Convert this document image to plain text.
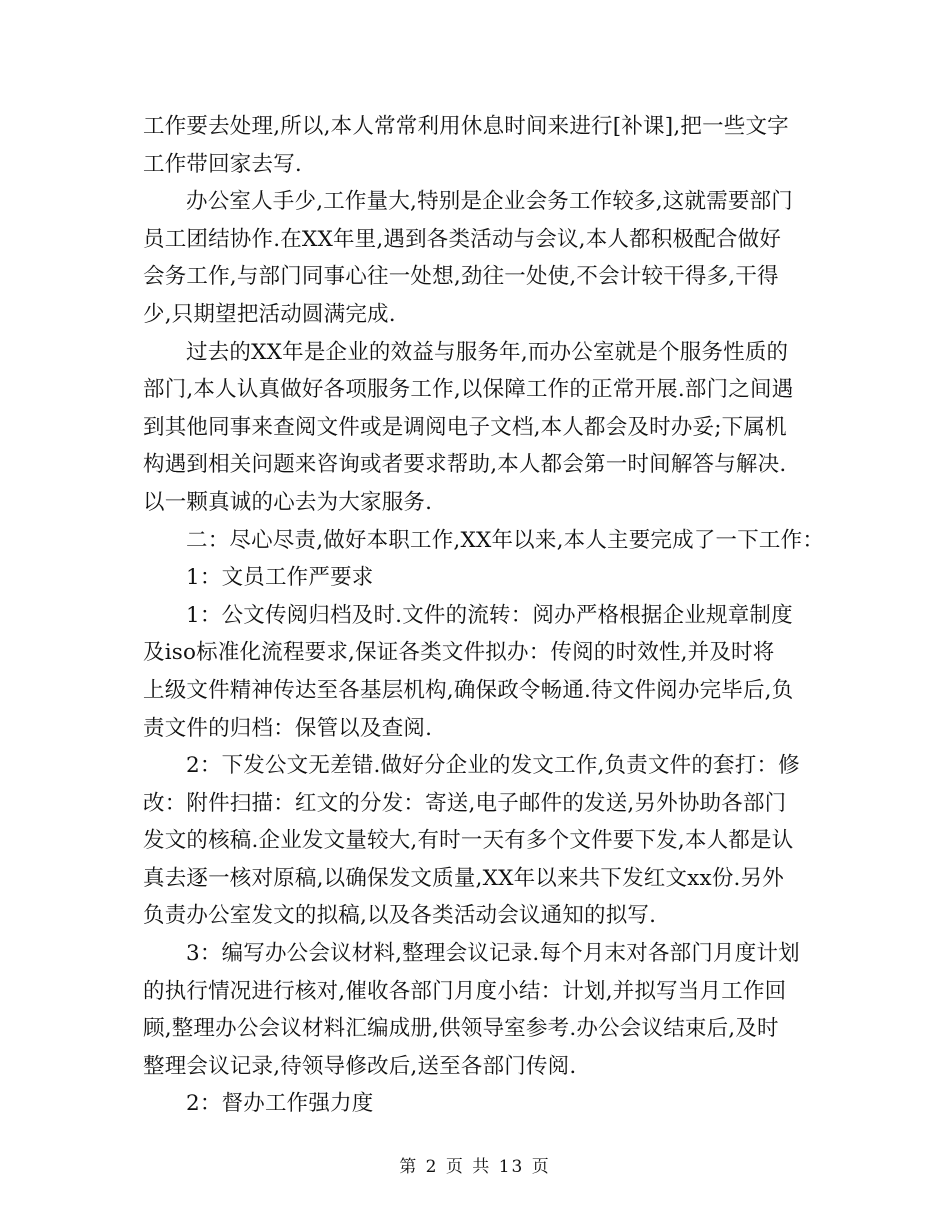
工作要去处理,所以,本人常常利用休息时间来进行[补课],把一些文字
工作带回家去写.
办公室人手少,工作量大,特别是企业会务工作较多,这就需要部门
员工团结协作.在XX年里,遇到各类活动与会议,本人都积极配合做好
会务工作,与部门同事心往一处想,劲往一处使,不会计较干得多,干得
少,只期望把活动圆满完成.
过去的XX年是企业的效益与服务年,而办公室就是个服务性质的
部门,本人认真做好各项服务工作,以保障工作的正常开展.部门之间遇
到其他同事来查阅文件或是调阅电子文档,本人都会及时办妥;下属机
构遇到相关问题来咨询或者要求帮助,本人都会第一时间解答与解决.
以一颗真诚的心去为大家服务.
二：尽心尽责,做好本职工作,XX年以来,本人主要完成了一下工作：
1：文员工作严要求
1：公文传阅归档及时.文件的流转：阅办严格根据企业规章制度
及iso标准化流程要求,保证各类文件拟办：传阅的时效性,并及时将
上级文件精神传达至各基层机构,确保政令畅通.待文件阅办完毕后,负
责文件的归档：保管以及查阅.
2：下发公文无差错.做好分企业的发文工作,负责文件的套打：修
改：附件扫描：红文的分发：寄送,电子邮件的发送,另外协助各部门
发文的核稿.企业发文量较大,有时一天有多个文件要下发,本人都是认
真去逐一核对原稿,以确保发文质量,XX年以来共下发红文xx份.另外
负责办公室发文的拟稿,以及各类活动会议通知的拟写.
3：编写办公会议材料,整理会议记录.每个月末对各部门月度计划
的执行情况进行核对,催收各部门月度小结：计划,并拟写当月工作回
顾,整理办公会议材料汇编成册,供领导室参考.办公会议结束后,及时
整理会议记录,待领导修改后,送至各部门传阅.
2：督办工作强力度
第 2 页 共 13 页
